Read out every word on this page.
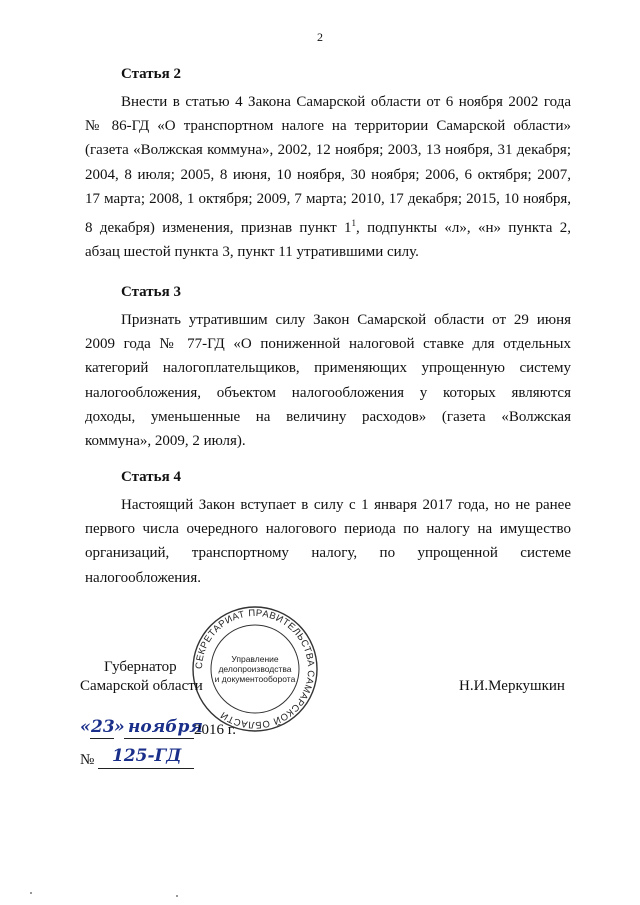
2
Статья 2
Внести в статью 4 Закона Самарской области от 6 ноября 2002 года
№ 86-ГД «О транспортном налоге на территории Самарской области»
(газета «Волжская коммуна», 2002, 12 ноября; 2003, 13 ноября, 31 декабря;
2004, 8 июля; 2005, 8 июня, 10 ноября, 30 ноября; 2006, 6 октября; 2007,
17 марта; 2008, 1 октября; 2009, 7 марта; 2010, 17 декабря; 2015, 10 ноября,
8 декабря) изменения, признав пункт $1^1$, подпункты «л», «н» пункта 2,
абзац шестой пункта 3, пункт 11 утратившими силу.
Статья 3
Признать утратившим силу Закон Самарской области от 29 июня
2009 года № 77-ГД «О пониженной налоговой ставке для отдельных
категорий налогоплательщиков, применяющих упрощенную систему
налогообложения, объектом налогообложения у которых являются
доходы, уменьшенные на величину расходов» (газета «Волжская
коммуна», 2009, 2 июля).
Статья 4
Настоящий Закон вступает в силу с 1 января 2017 года, но не ранее
первого числа очередного налогового периода по налогу на имущество
организаций, транспортному налогу, по упрощенной системе
налогообложения.
СЕКРЕТАРИАТ ПРАВИТЕЛЬСТВА САМАРСКОЙ ОБЛАСТИ
Управление
делопроизводства
и документооборота
Губернатор
Самарской области	Н.И.Меркушкин
« 23 » ноября
2016 г.
№ 125-ГД
